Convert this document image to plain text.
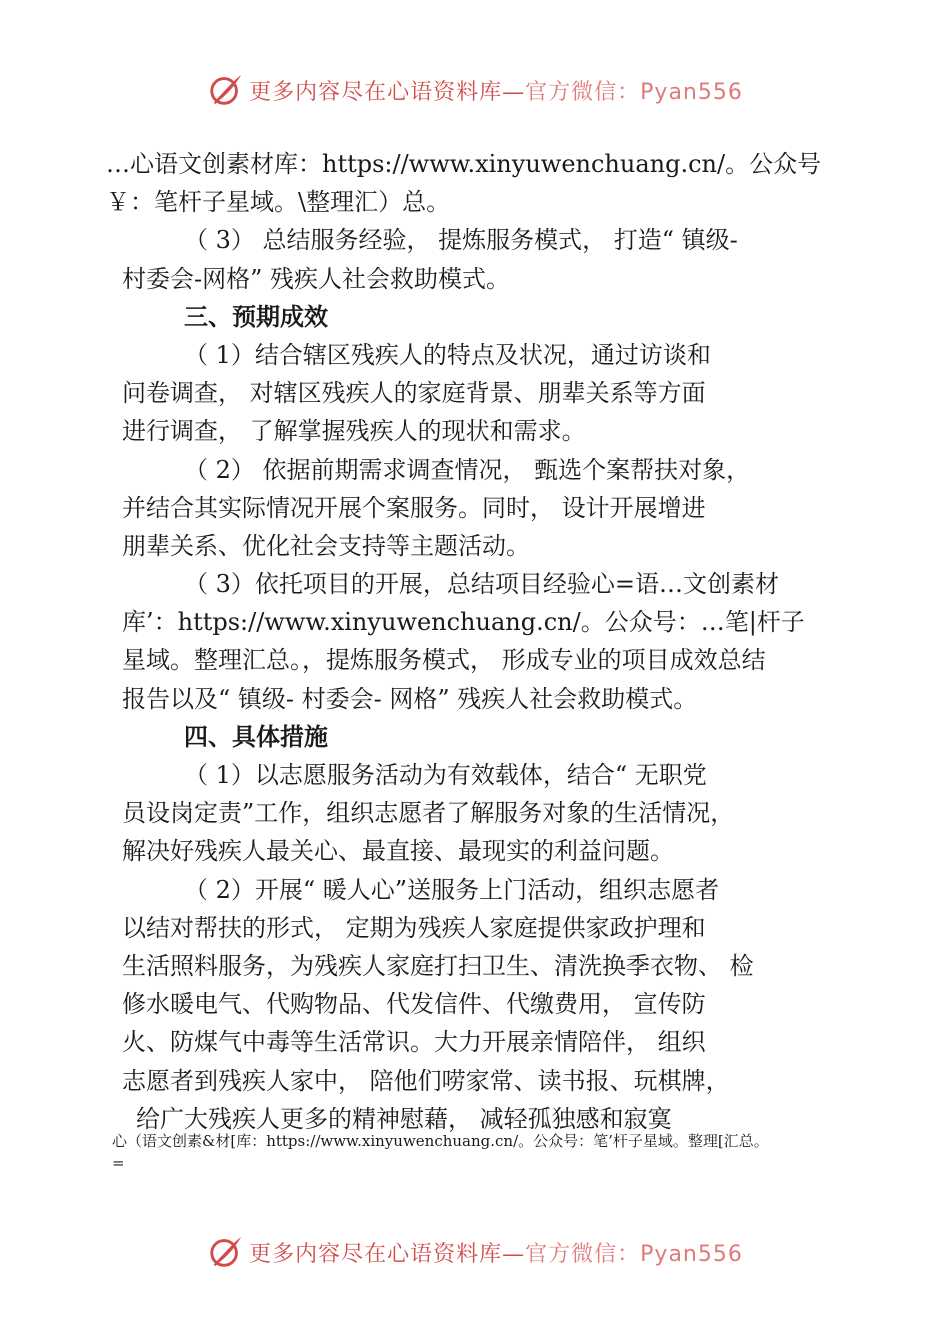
更多内容尽在心语资料库—官方微信：Pyan556
…心语文创素材库：https://www.xinyuwenchuang.cn/。公众号
￥：笔杆子星域。\整理汇）总。
（ 3） 总结服务经验， 提炼服务模式， 打造“ 镇级-
村委会-网格” 残疾人社会救助模式。
三、预期成效
（ 1）结合辖区残疾人的特点及状况，通过访谈和
问卷调查， 对辖区残疾人的家庭背景、朋辈关系等方面
进行调查， 了解掌握残疾人的现状和需求。
（ 2） 依据前期需求调查情况， 甄选个案帮扶对象，
并结合其实际情况开展个案服务。同时， 设计开展增进
朋辈关系、优化社会支持等主题活动。
（ 3）依托项目的开展，总结项目经验心=语…文创素材
库’：https://www.xinyuwenchuang.cn/。公众号：…笔|杆子
星域。整理汇总。，提炼服务模式， 形成专业的项目成效总结
报告以及“ 镇级- 村委会- 网格” 残疾人社会救助模式。
四、具体措施
（ 1）以志愿服务活动为有效载体，结合“ 无职党
员设岗定责”工作，组织志愿者了解服务对象的生活情况，
解决好残疾人最关心、最直接、最现实的利益问题。
（ 2）开展“ 暖人心”送服务上门活动，组织志愿者
以结对帮扶的形式， 定期为残疾人家庭提供家政护理和
生活照料服务，为残疾人家庭打扫卫生、清洗换季衣物、 检
修水暖电气、代购物品、代发信件、代缴费用， 宣传防
火、防煤气中毒等生活常识。大力开展亲情陪伴， 组织
志愿者到残疾人家中， 陪他们唠家常、读书报、玩棋牌，
给广大残疾人更多的精神慰藉， 减轻孤独感和寂寞
心（语文创素&材[库：https://www.xinyuwenchuang.cn/。公众号：笔’杆子星域。整理[汇总。
=
更多内容尽在心语资料库—官方微信：Pyan556
